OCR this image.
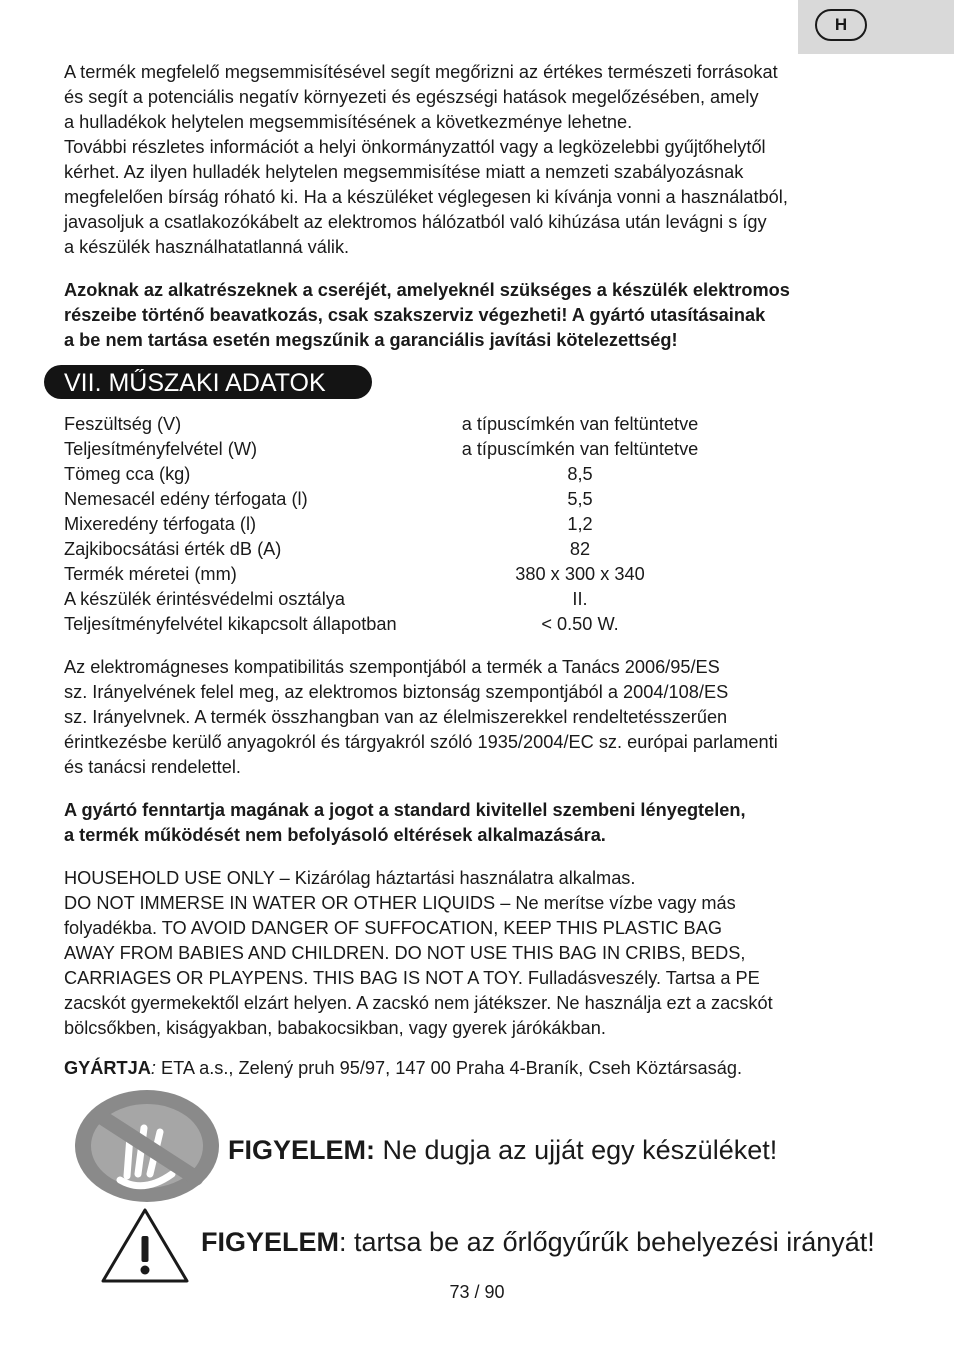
H

A termék megfelelő megsemmisítésével segít megőrizni az értékes természeti forrásokat
és segít a potenciális negatív környezeti és egészségi hatások megelőzésében, amely
a hulladékok helytelen megsemmisítésének a következménye lehetne.
További részletes információt a helyi önkormányzattól vagy a legközelebbi gyűjtőhelytől
kérhet. Az ilyen hulladék helytelen megsemmisítése miatt a nemzeti szabályozásnak
megfelelően bírság róható ki. Ha a készüléket véglegesen ki kívánja vonni a használatból,
javasoljuk a csatlakozókábelt az elektromos hálózatból való kihúzása után levágni s így
a készülék használhatatlanná válik.

Azoknak az alkatrészeknek a cseréjét, amelyeknél szükséges a készülék elektromos
részeibe történő beavatkozás, csak szakszerviz végezheti! A gyártó utasításainak
a be nem tartása esetén megszűnik a garanciális javítási kötelezettség!

VII. MŰSZAKI ADATOK
Feszültség (V)	a típuscímkén van feltüntetve
Teljesítményfelvétel (W)	a típuscímkén van feltüntetve
Tömeg cca (kg)	8,5
Nemesacél edény térfogata (l)	5,5
Mixeredény térfogata (l)	1,2
Zajkibocsátási érték dB (A)	82
Termék méretei (mm)	380 x 300 x 340
A készülék érintésvédelmi osztálya	II.
Teljesítményfelvétel kikapcsolt állapotban	< 0.50 W.

Az elektromágneses kompatibilitás szempontjából a termék a Tanács 2006/95/ES
sz. Irányelvének felel meg, az elektromos biztonság szempontjából a 2004/108/ES
sz. Irányelvnek. A termék összhangban van az élelmiszerekkel rendeltetésszerűen
érintkezésbe kerülő anyagokról és tárgyakról szóló 1935/2004/EC sz. európai parlamenti
és tanácsi rendelettel.

A gyártó fenntartja magának a jogot a standard kivitellel szembeni lényegtelen,
a termék működését nem befolyásoló eltérések alkalmazására.

HOUSEHOLD USE ONLY – Kizárólag háztartási használatra alkalmas.
DO NOT IMMERSE IN WATER OR OTHER LIQUIDS – Ne merítse vízbe vagy más
folyadékba. TO AVOID DANGER OF SUFFOCATION, KEEP THIS PLASTIC BAG
AWAY FROM BABIES AND CHILDREN. DO NOT USE THIS BAG IN CRIBS, BEDS,
CARRIAGES OR PLAYPENS. THIS BAG IS NOT A TOY. Fulladásveszély. Tartsa a PE
zacskót gyermekektől elzárt helyen. A zacskó nem játékszer. Ne használja ezt a zacskót
bölcsőkben, kiságyakban, babakocsikban, vagy gyerek járókákban.

GYÁRTJA: ETA a.s., Zelený pruh 95/97, 147 00 Praha 4-Braník, Cseh Köztársaság.

FIGYELEM: Ne dugja az ujját egy készüléket!
FIGYELEM: tartsa be az őrlőgyűrűk behelyezési irányát!
73 / 90
